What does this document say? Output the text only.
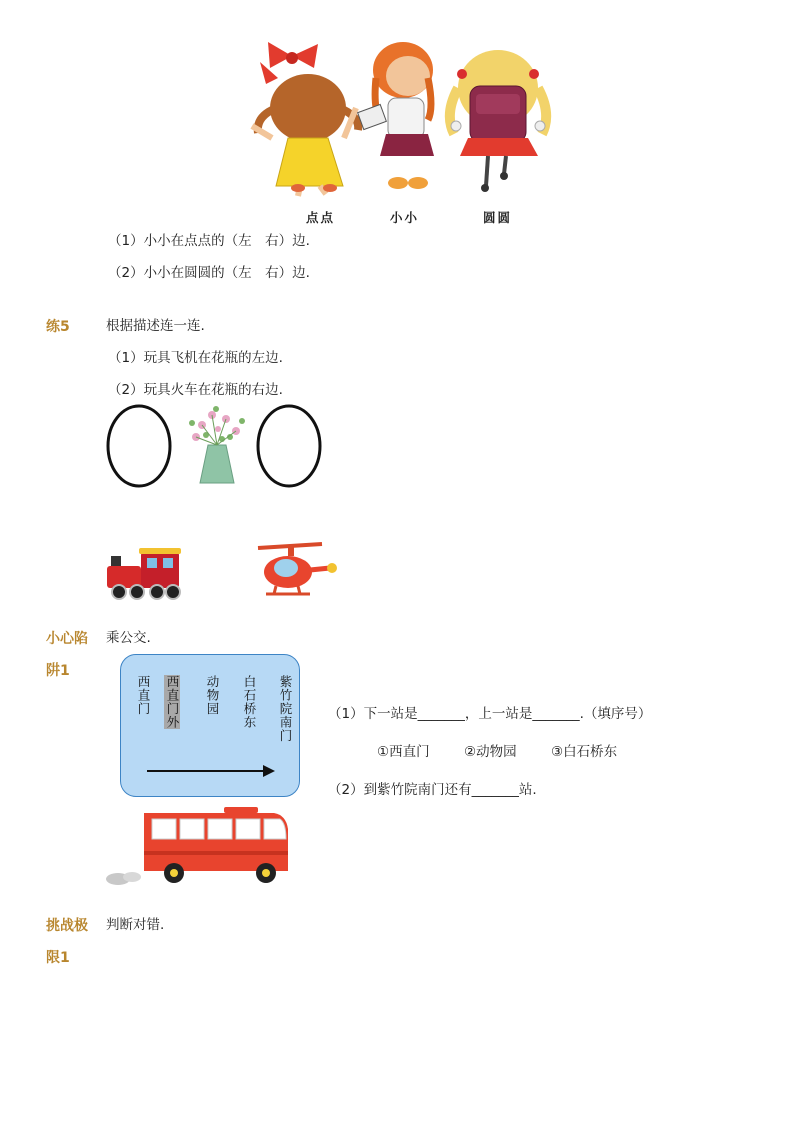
点点	小小	圆圆
（1）小小在点点的（左　右）边.
（2）小小在圆圆的（左　右）边.
练5	根据描述连一连.
（1）玩具飞机在花瓶的左边.
（2）玩具火车在花瓶的右边.
小心陷
阱1
乘公交.
西直门 西直门外 动物园 白石桥东 紫竹院南门	（1）下一站是_______，上一站是_______.（填序号）
①西直门	②动物园	③白石桥东
（2）到紫竹院南门还有_______站.
挑战极
限1
判断对错.
